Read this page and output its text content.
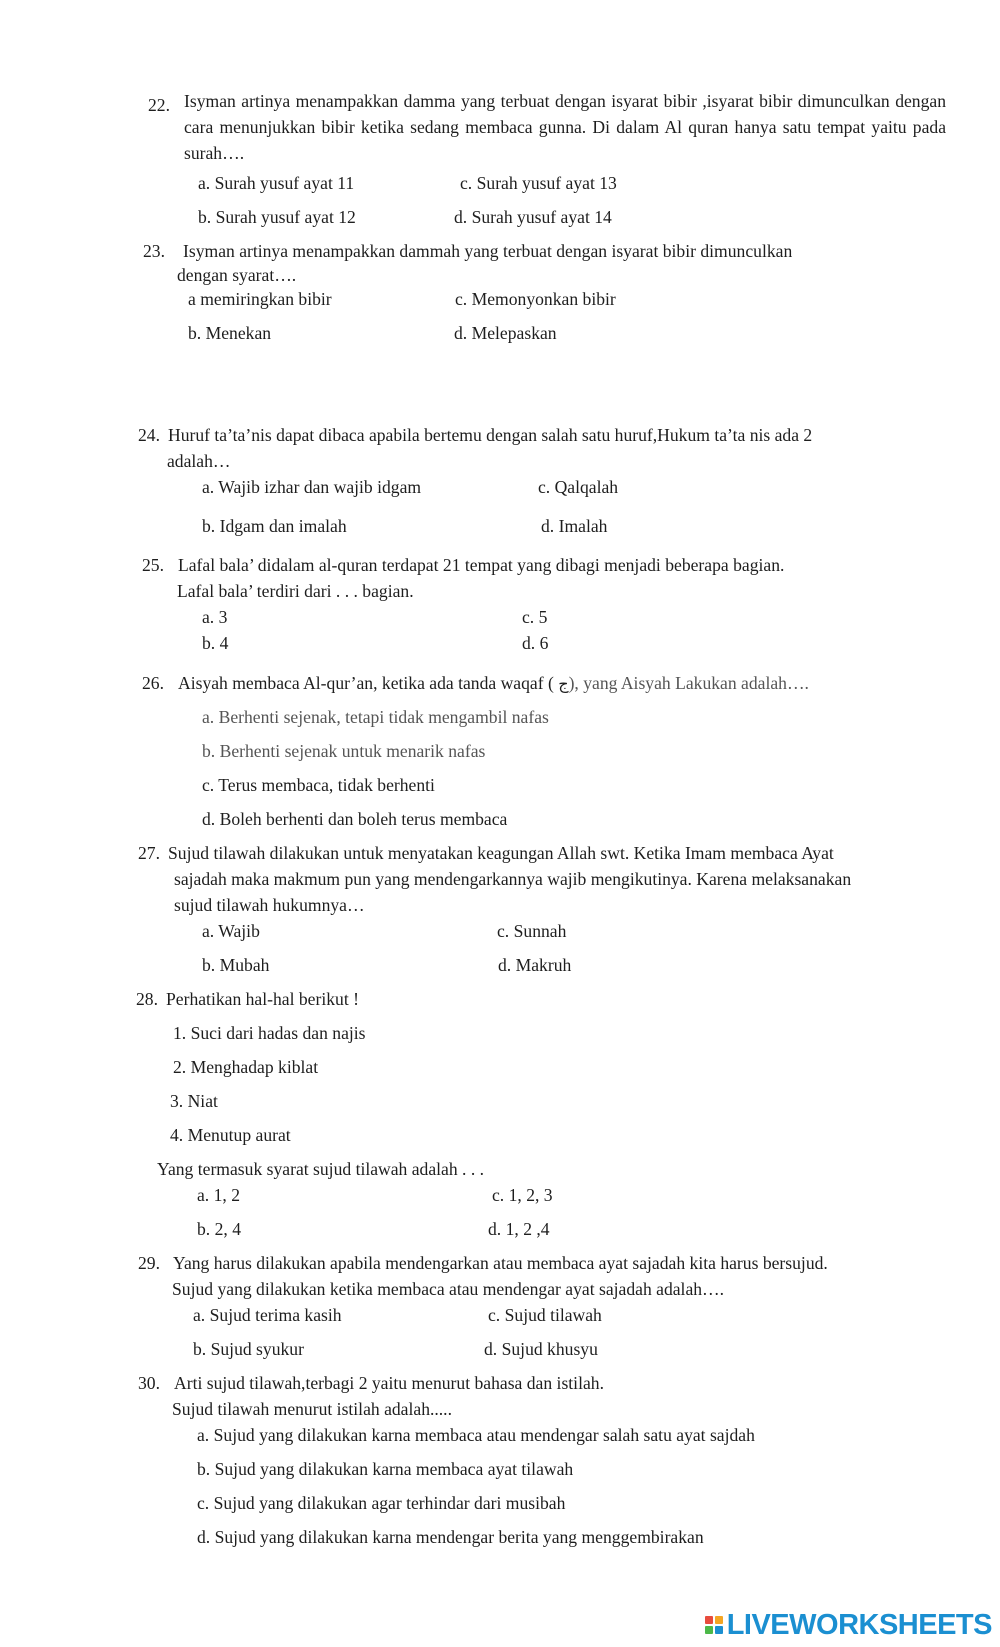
22. Isyman artinya menampakkan damma yang terbuat dengan isyarat bibir ,isyarat bibir dimunculkan dengan cara menunjukkan bibir ketika sedang membaca gunna. Di dalam Al quran hanya satu tempat yaitu pada surah….
a. Surah yusuf ayat 11	c. Surah yusuf ayat 13
b. Surah yusuf ayat 12	d. Surah yusuf ayat 14
23. Isyman artinya menampakkan dammah yang terbuat dengan isyarat bibir dimunculkan
dengan syarat….
a memiringkan bibir	c. Memonyonkan bibir
b. Menekan	d. Melepaskan
24. Huruf ta’ta’nis dapat dibaca apabila bertemu dengan salah satu huruf,Hukum ta’ta nis ada 2
adalah…
a. Wajib izhar dan wajib idgam	c. Qalqalah
b. Idgam dan imalah	d. Imalah
25. Lafal bala’ didalam al-quran terdapat 21 tempat yang dibagi menjadi beberapa bagian.
Lafal bala’ terdiri dari . . . bagian.
a. 3	c. 5
b. 4	d. 6
26. Aisyah membaca Al-qur’an, ketika ada tanda waqaf ( ج), yang Aisyah Lakukan adalah….
a. Berhenti sejenak, tetapi tidak mengambil nafas
b. Berhenti sejenak untuk menarik nafas
c. Terus membaca, tidak berhenti
d. Boleh berhenti dan boleh terus membaca
27. Sujud tilawah dilakukan untuk menyatakan keagungan Allah swt. Ketika Imam membaca Ayat
sajadah maka makmum pun yang mendengarkannya wajib mengikutinya. Karena melaksanakan
sujud tilawah hukumnya…
a. Wajib	c. Sunnah
b. Mubah	d. Makruh
28. Perhatikan hal-hal berikut !
1. Suci dari hadas dan najis
2. Menghadap kiblat
3. Niat
4. Menutup aurat
Yang termasuk syarat sujud tilawah adalah . . .
a. 1, 2	c. 1, 2, 3
b. 2, 4	d. 1, 2 ,4
29. Yang harus dilakukan apabila mendengarkan atau membaca ayat sajadah kita harus bersujud.
Sujud yang dilakukan ketika membaca atau mendengar ayat sajadah adalah….
a. Sujud terima kasih	c. Sujud tilawah
b. Sujud syukur	d. Sujud khusyu
30. Arti sujud tilawah,terbagi 2 yaitu menurut bahasa dan istilah.
Sujud tilawah menurut istilah adalah.....
a. Sujud yang dilakukan karna membaca atau mendengar salah satu ayat sajdah
b. Sujud yang dilakukan karna membaca ayat tilawah
c. Sujud yang dilakukan agar terhindar dari musibah
d. Sujud yang dilakukan karna mendengar berita yang menggembirakan
LIVEWORKSHEETS
